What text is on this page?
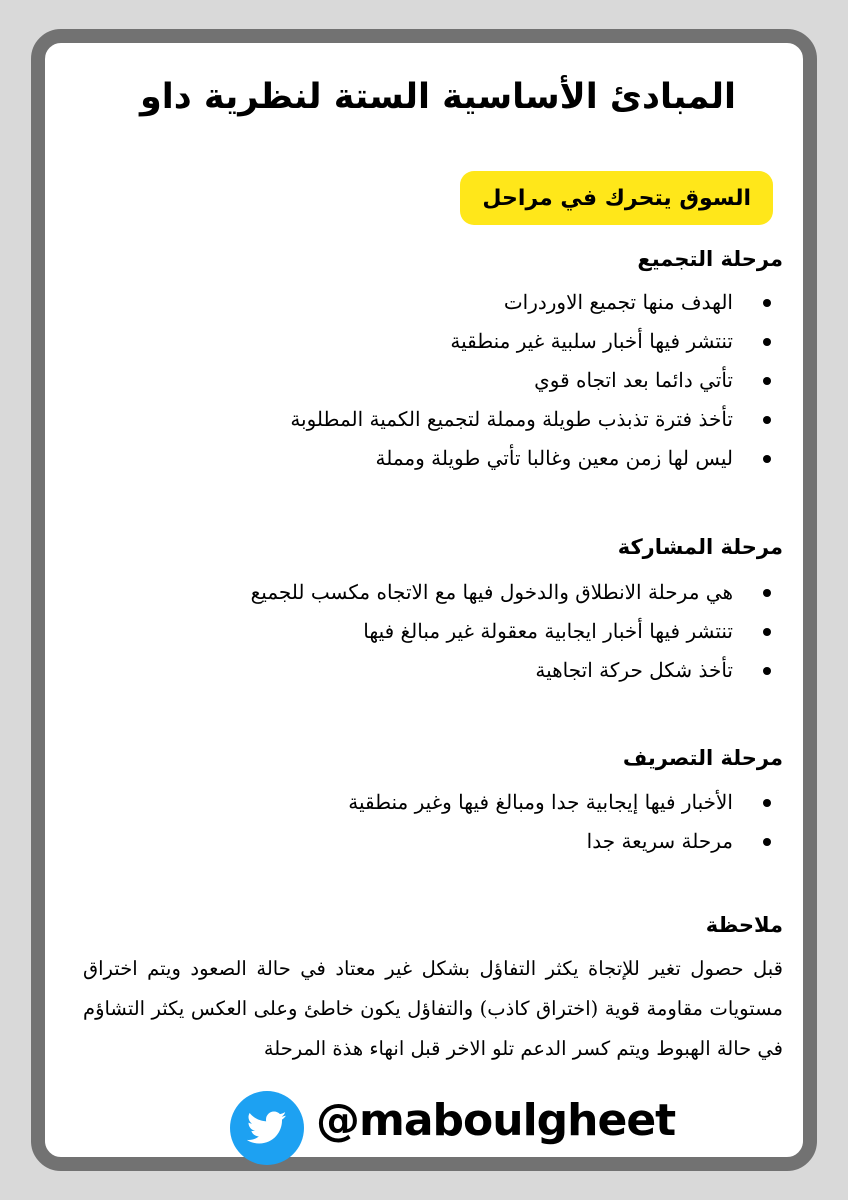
المبادئ الأساسية الستة لنظرية داو
السوق يتحرك في مراحل
مرحلة التجميع
الهدف منها تجميع الاوردرات
تنتشر فيها أخبار سلبية غير منطقية
تأتي دائما بعد اتجاه قوي
تأخذ فترة تذبذب طويلة ومملة لتجميع الكمية المطلوبة
ليس لها زمن معين وغالبا تأتي طويلة ومملة
مرحلة المشاركة
هي مرحلة الانطلاق والدخول فيها مع الاتجاه مكسب للجميع
تنتشر فيها أخبار ايجابية معقولة غير مبالغ فيها
تأخذ شكل حركة اتجاهية
مرحلة التصريف
الأخبار فيها إيجابية جدا ومبالغ فيها وغير منطقية
مرحلة سريعة جدا
ملاحظة

قبل حصول تغير للإتجاة يكثر التفاؤل بشكل غير معتاد في حالة الصعود ويتم اختراق مستويات مقاومة قوية (اختراق كاذب) والتفاؤل يكون خاطئ وعلى العكس يكثر التشاؤم في حالة الهبوط ويتم كسر الدعم تلو الاخر قبل انهاء هذة المرحلة

@maboulgheet
